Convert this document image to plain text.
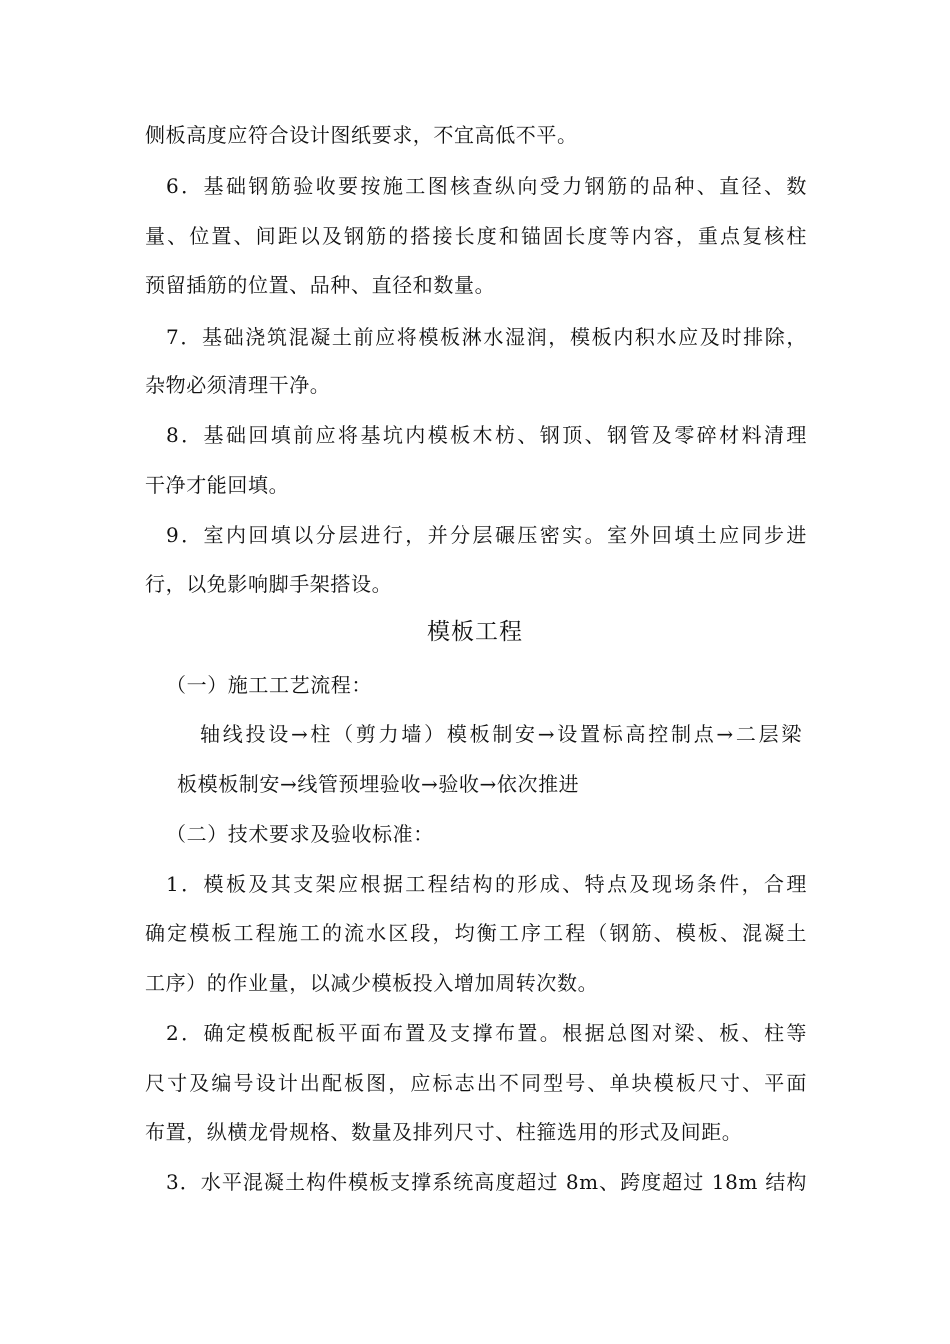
侧板高度应符合设计图纸要求，不宜高低不平。
6．基础钢筋验收要按施工图核查纵向受力钢筋的品种、直径、数
量、位置、间距以及钢筋的搭接长度和锚固长度等内容，重点复核柱
预留插筋的位置、品种、直径和数量。
7．基础浇筑混凝土前应将模板淋水湿润，模板内积水应及时排除，
杂物必须清理干净。
8．基础回填前应将基坑内模板木枋、钢顶、钢管及零碎材料清理
干净才能回填。
9．室内回填以分层进行，并分层碾压密实。室外回填土应同步进
行，以免影响脚手架搭设。
模板工程
（一）施工工艺流程：
轴线投设→柱（剪力墙）模板制安→设置标高控制点→二层梁
板模板制安→线管预埋验收→验收→依次推进
（二）技术要求及验收标准：
1．模板及其支架应根据工程结构的形成、特点及现场条件，合理
确定模板工程施工的流水区段，均衡工序工程（钢筋、模板、混凝土
工序）的作业量，以减少模板投入增加周转次数。
2．确定模板配板平面布置及支撑布置。根据总图对梁、板、柱等
尺寸及编号设计出配板图，应标志出不同型号、单块模板尺寸、平面
布置，纵横龙骨规格、数量及排列尺寸、柱箍选用的形式及间距。
3．水平混凝土构件模板支撑系统高度超过 8m、跨度超过 18m 结构
